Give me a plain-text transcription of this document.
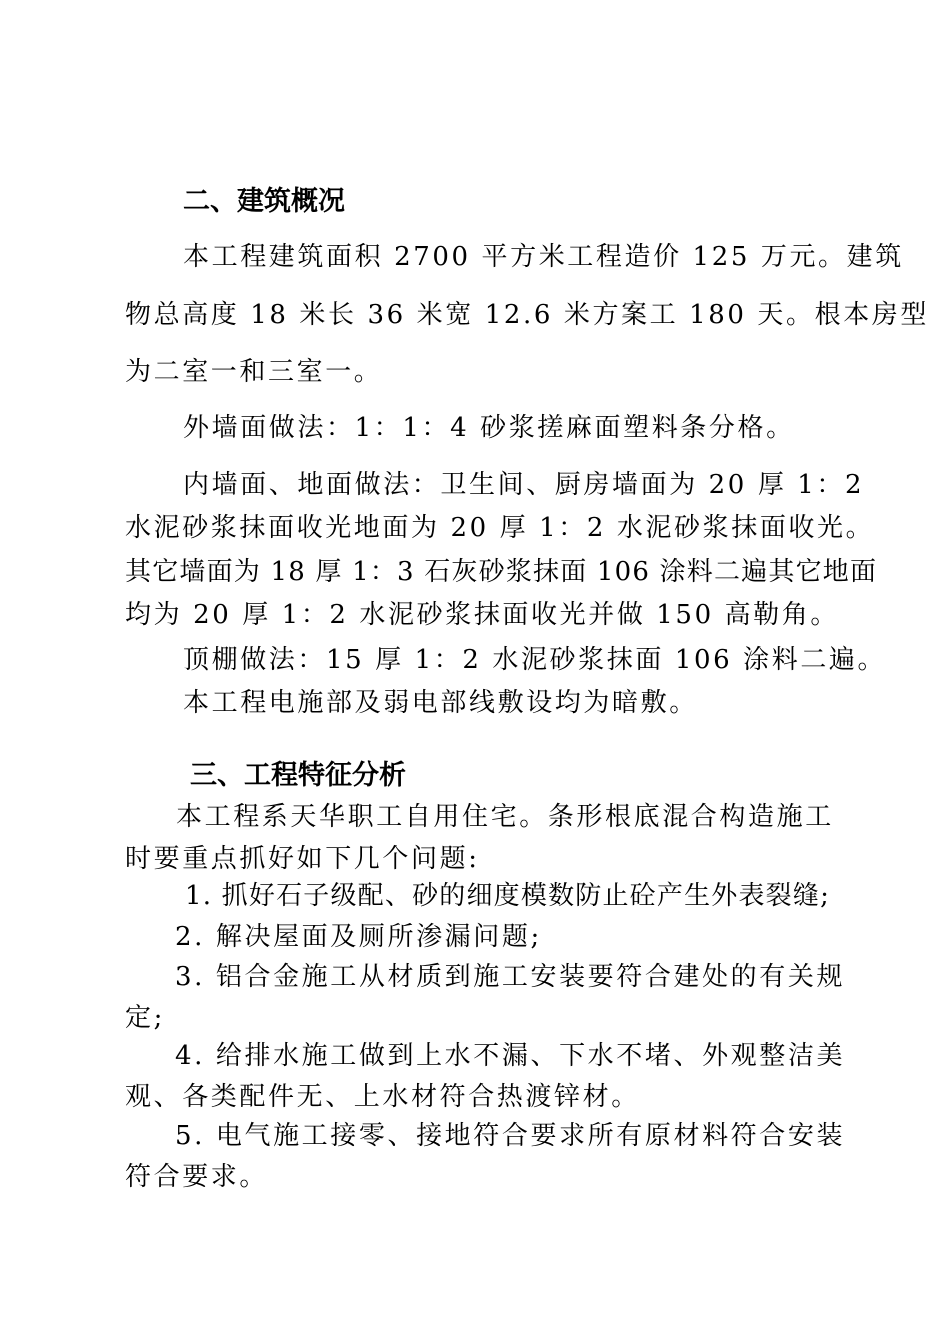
二、建筑概况
本工程建筑面积 2700 平方米工程造价 125 万元。建筑
物总高度 18 米长 36 米宽 12.6 米方案工 180 天。根本房型
为二室一和三室一。
外墙面做法：1：1：4 砂浆搓麻面塑料条分格。
内墙面、地面做法：卫生间、厨房墙面为 20 厚 1：2
水泥砂浆抹面收光地面为 20 厚 1：2 水泥砂浆抹面收光。
其它墙面为 18 厚 1：3 石灰砂浆抹面 106 涂料二遍其它地面
均为 20 厚 1：2 水泥砂浆抹面收光并做 150 高勒角。
顶棚做法：15 厚 1：2 水泥砂浆抹面 106 涂料二遍。
本工程电施部及弱电部线敷设均为暗敷。
三、工程特征分析
本工程系天华职工自用住宅。条形根底混合构造施工
时要重点抓好如下几个问题:
1. 抓好石子级配、砂的细度模数防止砼产生外表裂缝;
2. 解决屋面及厕所渗漏问题;
3. 铝合金施工从材质到施工安装要符合建处的有关规
定;
4. 给排水施工做到上水不漏、下水不堵、外观整洁美
观、各类配件无、上水材符合热渡锌材。
5. 电气施工接零、接地符合要求所有原材料符合安装
符合要求。
